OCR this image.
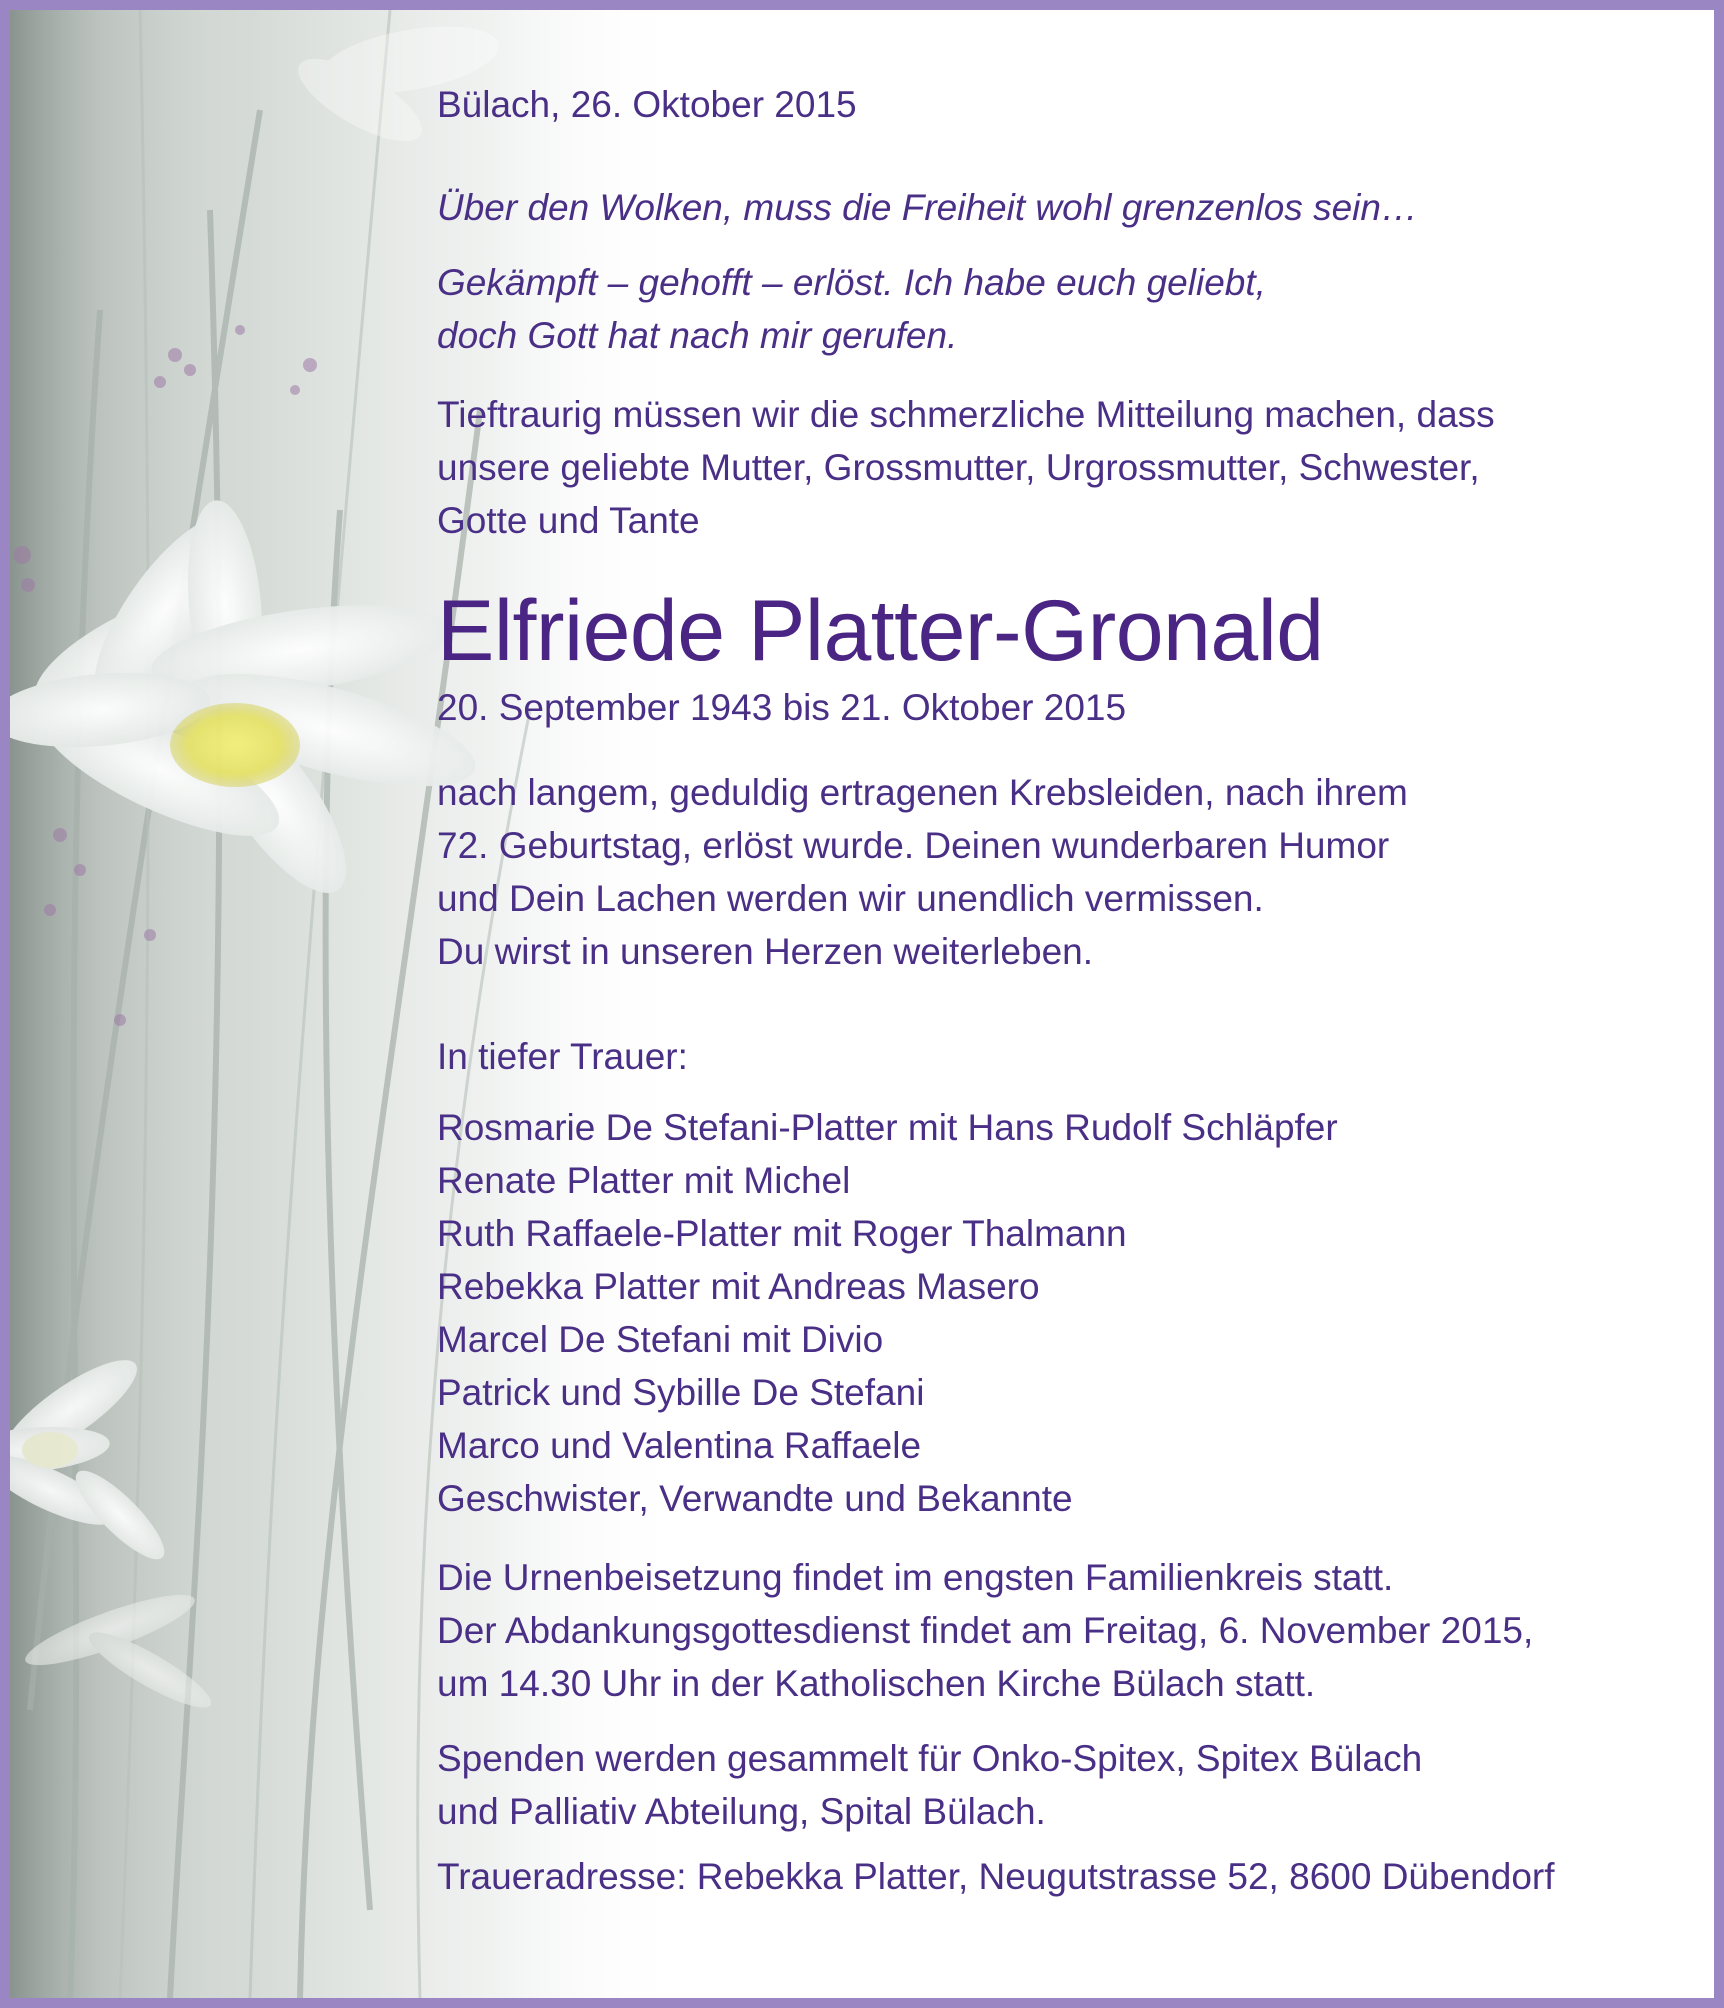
Bülach, 26. Oktober 2015
Über den Wolken, muss die Freiheit wohl grenzenlos sein…
Gekämpft – gehofft – erlöst. Ich habe euch geliebt,
doch Gott hat nach mir gerufen.
Tieftraurig müssen wir die schmerzliche Mitteilung machen, dass
unsere geliebte Mutter, Grossmutter, Urgrossmutter, Schwester,
Gotte und Tante
Elfriede Platter-Gronald
20. September 1943 bis 21. Oktober 2015
nach langem, geduldig ertragenen Krebsleiden, nach ihrem
72. Geburtstag, erlöst wurde. Deinen wunderbaren Humor
und Dein Lachen werden wir unendlich vermissen.
Du wirst in unseren Herzen weiterleben.
In tiefer Trauer:
Rosmarie De Stefani-Platter mit Hans Rudolf Schläpfer
Renate Platter mit Michel
Ruth Raffaele-Platter mit Roger Thalmann
Rebekka Platter mit Andreas Masero
Marcel De Stefani mit Divio
Patrick und Sybille De Stefani
Marco und Valentina Raffaele
Geschwister, Verwandte und Bekannte
Die Urnenbeisetzung findet im engsten Familienkreis statt.
Der Abdankungsgottesdienst findet am Freitag, 6. November 2015,
um 14.30 Uhr in der Katholischen Kirche Bülach statt.
Spenden werden gesammelt für Onko-Spitex, Spitex Bülach
und Palliativ Abteilung, Spital Bülach.
Traueradresse: Rebekka Platter, Neugutstrasse 52, 8600 Dübendorf
